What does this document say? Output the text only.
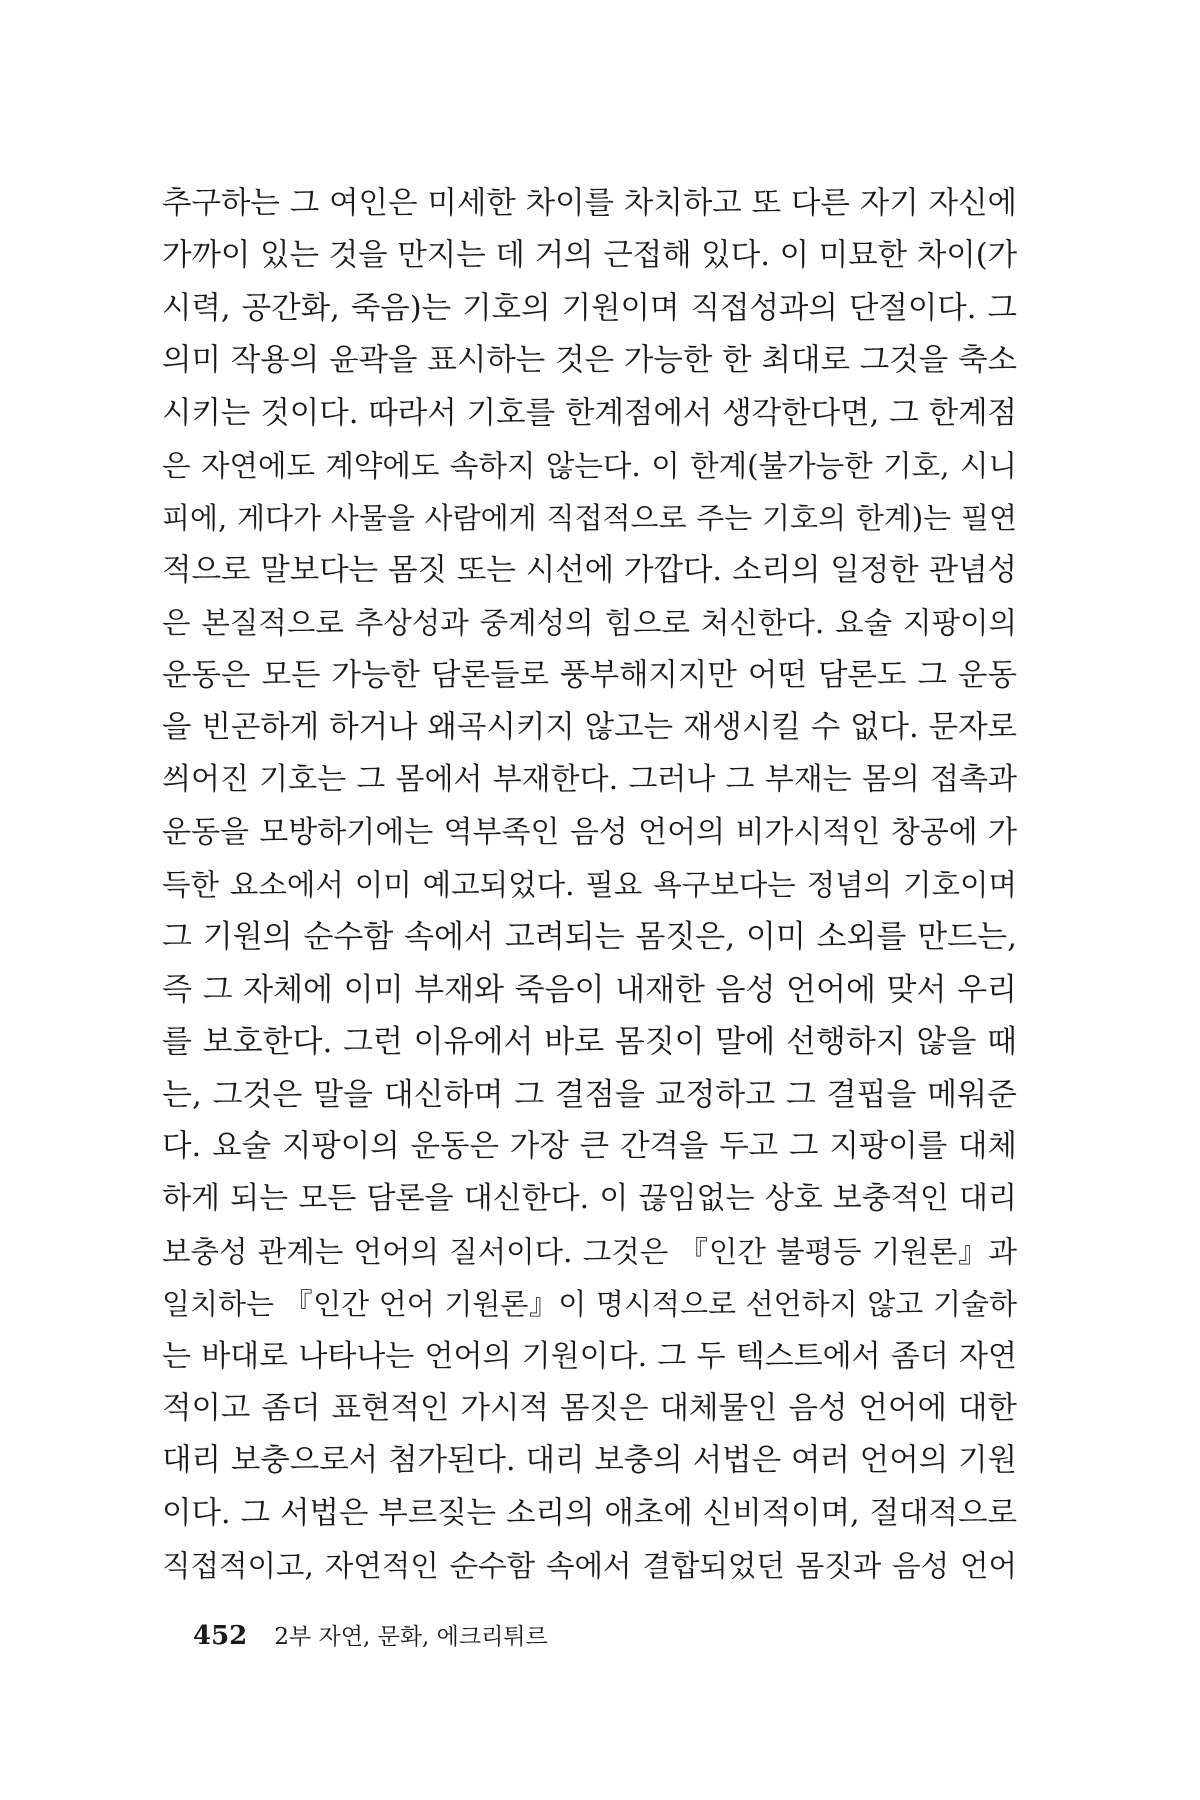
추구하는 그 여인은 미세한 차이를 차치하고 또 다른 자기 자신에
가까이 있는 것을 만지는 데 거의 근접해 있다. 이 미묘한 차이(가
시력, 공간화, 죽음)는 기호의 기원이며 직접성과의 단절이다. 그
의미 작용의 윤곽을 표시하는 것은 가능한 한 최대로 그것을 축소
시키는 것이다. 따라서 기호를 한계점에서 생각한다면, 그 한계점
은 자연에도 계약에도 속하지 않는다. 이 한계(불가능한 기호, 시니
피에, 게다가 사물을 사람에게 직접적으로 주는 기호의 한계)는 필연
적으로 말보다는 몸짓 또는 시선에 가깝다. 소리의 일정한 관념성
은 본질적으로 추상성과 중계성의 힘으로 처신한다. 요술 지팡이의
운동은 모든 가능한 담론들로 풍부해지지만 어떤 담론도 그 운동
을 빈곤하게 하거나 왜곡시키지 않고는 재생시킬 수 없다. 문자로
씌어진 기호는 그 몸에서 부재한다. 그러나 그 부재는 몸의 접촉과
운동을 모방하기에는 역부족인 음성 언어의 비가시적인 창공에 가
득한 요소에서 이미 예고되었다. 필요 욕구보다는 정념의 기호이며
그 기원의 순수함 속에서 고려되는 몸짓은, 이미 소외를 만드는,
즉 그 자체에 이미 부재와 죽음이 내재한 음성 언어에 맞서 우리
를 보호한다. 그런 이유에서 바로 몸짓이 말에 선행하지 않을 때
는, 그것은 말을 대신하며 그 결점을 교정하고 그 결핍을 메워준
다. 요술 지팡이의 운동은 가장 큰 간격을 두고 그 지팡이를 대체
하게 되는 모든 담론을 대신한다. 이 끊임없는 상호 보충적인 대리
보충성 관계는 언어의 질서이다. 그것은 『인간 불평등 기원론』과
일치하는 『인간 언어 기원론』이 명시적으로 선언하지 않고 기술하
는 바대로 나타나는 언어의 기원이다. 그 두 텍스트에서 좀더 자연
적이고 좀더 표현적인 가시적 몸짓은 대체물인 음성 언어에 대한
대리 보충으로서 첨가된다. 대리 보충의 서법은 여러 언어의 기원
이다. 그 서법은 부르짖는 소리의 애초에 신비적이며, 절대적으로
직접적이고, 자연적인 순수함 속에서 결합되었던 몸짓과 음성 언어
452 2부 자연, 문화, 에크리튀르
